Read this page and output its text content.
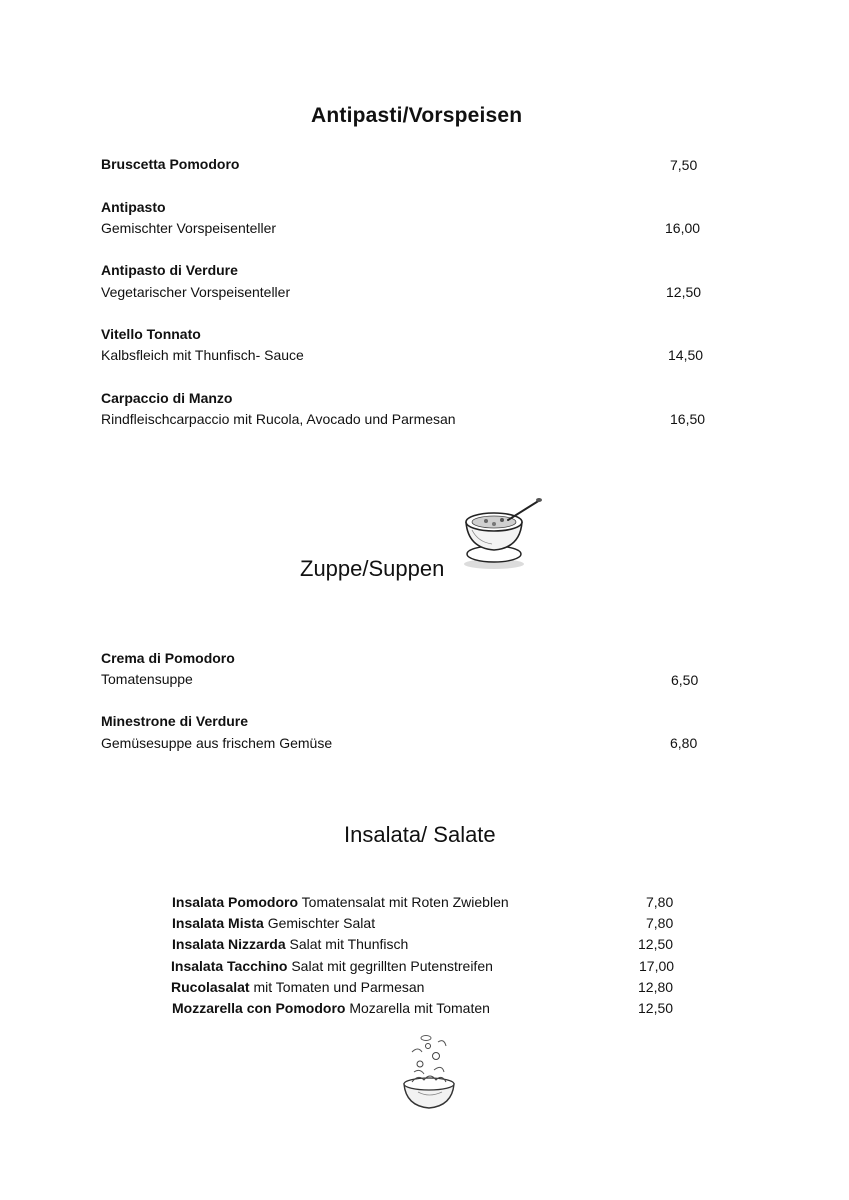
Antipasti/Vorspeisen
Bruscetta Pomodoro	7,50
Antipasto
Gemischter Vorspeisenteller	16,00
Antipasto di Verdure
Vegetarischer Vorspeisenteller	12,50
Vitello Tonnato
Kalbsfleich mit Thunfisch- Sauce	14,50
Carpaccio di Manzo
Rindfleischcarpaccio mit Rucola, Avocado und Parmesan	16,50
Zuppe/Suppen
Crema di Pomodoro
Tomatensuppe	6,50
Minestrone di Verdure
Gemüsesuppe aus frischem Gemüse	6,80
Insalata/ Salate
Insalata Pomodoro Tomatensalat mit Roten Zwieblen	7,80
Insalata Mista Gemischter Salat	7,80
Insalata Nizzarda Salat mit Thunfisch	12,50
Insalata Tacchino Salat mit gegrillten Putenstreifen	17,00
Rucolasalat mit Tomaten und Parmesan	12,80
Mozzarella con Pomodoro Mozarella mit Tomaten	12,50
